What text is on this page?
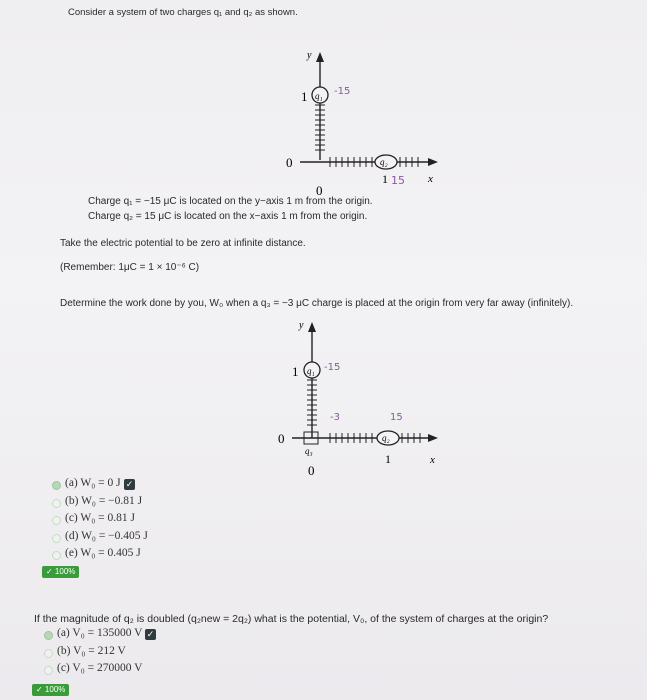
Consider a system of two charges q₁ and q₂ as shown.
q₁
q₂
y
x
1
1
0
0
-15
15
Charge q₁ = −15 μC is located on the y−axis 1 m from the origin.
Charge q₂ = 15 μC is located on the x−axis 1 m from the origin.
Take the electric potential to be zero at infinite distance.
(Remember: 1μC = 1 × 10⁻⁶ C)
Determine the work done by you, W₀ when a q₃ = −3 μC charge is placed at the origin from very far away (infinitely).
q₁
q₂
q₃
y
x
1
1
0
0
-15
15
-3
(a) W₀ = 0 J ✓
(b) W₀ = −0.81 J
(c) W₀ = 0.81 J
(d) W₀ = −0.405 J
(e) W₀ = 0.405 J
✓ 100%
If the magnitude of q₂ is doubled (q₂new = 2q₂) what is the potential, V₀, of the system of charges at the origin?
(a) V₀ = 135000 V ✓
(b) V₀ = 212 V
(c) V₀ = 270000 V
✓ 100%
